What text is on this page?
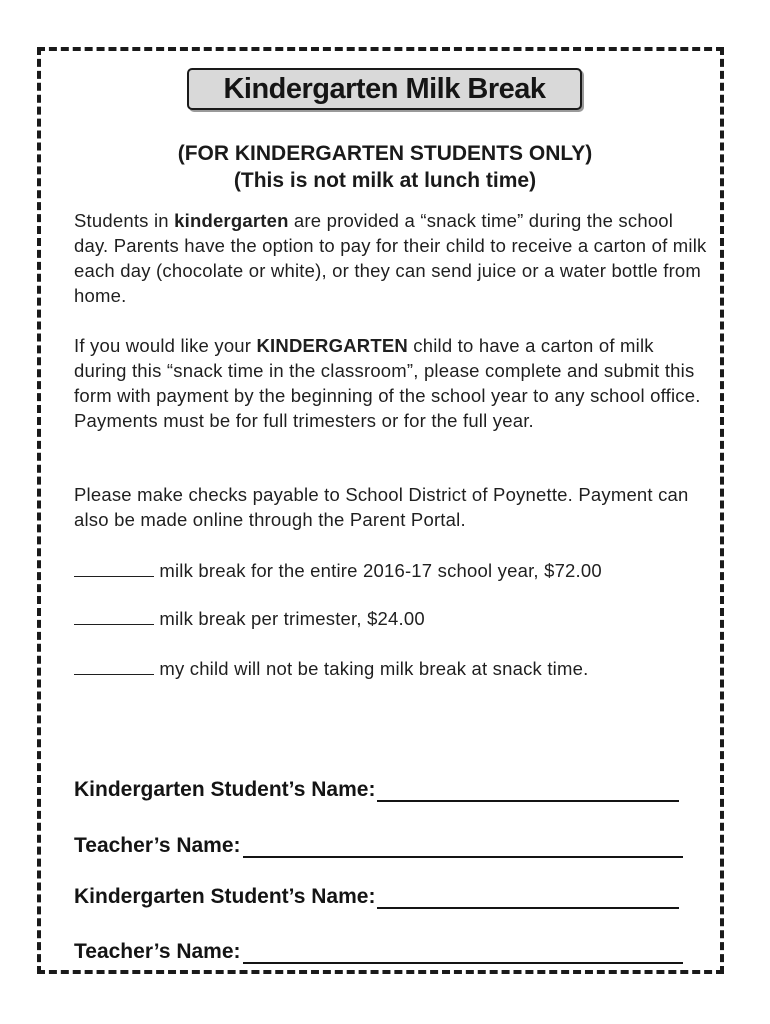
Kindergarten Milk Break
(FOR KINDERGARTEN STUDENTS ONLY)
(This is not milk at lunch time)

Students in kindergarten are provided a “snack time” during the school day. Parents have the option to pay for their child to receive a carton of milk each day (chocolate or white), or they can send juice or a water bottle from home.

If you would like your KINDERGARTEN child to have a carton of milk during this “snack time in the classroom”, please complete and submit this form with payment by the beginning of the school year to any school office. Payments must be for full trimesters or for the full year.

Please make checks payable to School District of Poynette. Payment can also be made online through the Parent Portal.

milk break for the entire 2016-17 school year, $72.00
milk break per trimester, $24.00
my child will not be taking milk break at snack time.
Kindergarten Student’s Name:
Teacher’s Name:
Kindergarten Student’s Name:
Teacher’s Name:
